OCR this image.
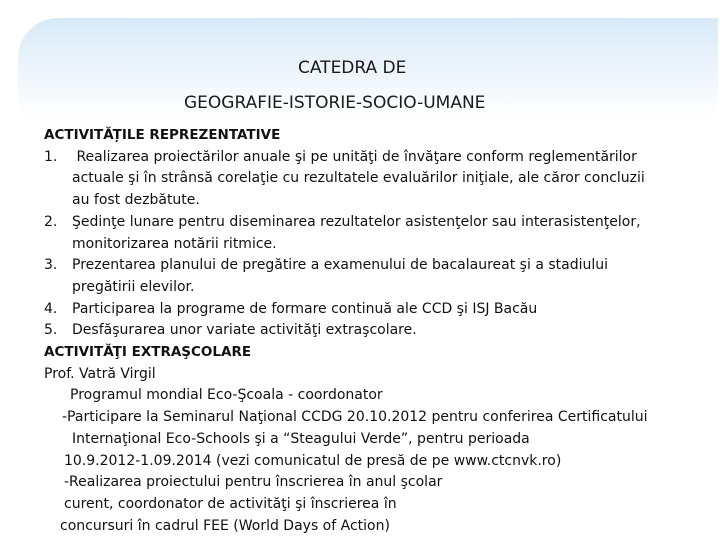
CATEDRA DE
GEOGRAFIE-ISTORIE-SOCIO-UMANE
ACTIVITĂȚILE REPREZENTATIVE
1. Realizarea proiectărilor anuale şi pe unităţi de învăţare conform reglementărilor
actuale şi în strânsă corelaţie cu rezultatele evaluărilor iniţiale, ale căror concluzii
au fost dezbătute.
2. Şedinţe lunare pentru diseminarea rezultatelor asistenţelor sau interasistenţelor,
monitorizarea notării ritmice.
3. Prezentarea planului de pregătire a examenului de bacalaureat şi a stadiului
pregătirii elevilor.
4. Participarea la programe de formare continuă ale CCD şi ISJ Bacău
5. Desfăşurarea unor variate activităţi extraşcolare.
ACTIVITĂŢI EXTRAŞCOLARE
Prof. Vatră Virgil
Programul mondial Eco-Şcoala - coordonator
-Participare la Seminarul Naţional CCDG 20.10.2012 pentru conferirea Certificatului
Internaţional Eco-Schools şi a “Steagului Verde”, pentru perioada
10.9.2012-1.09.2014 (vezi comunicatul de presă de pe www.ctcnvk.ro)
-Realizarea proiectului pentru înscrierea în anul şcolar
curent, coordonator de activităţi şi înscrierea în
concursuri în cadrul FEE (World Days of Action)
